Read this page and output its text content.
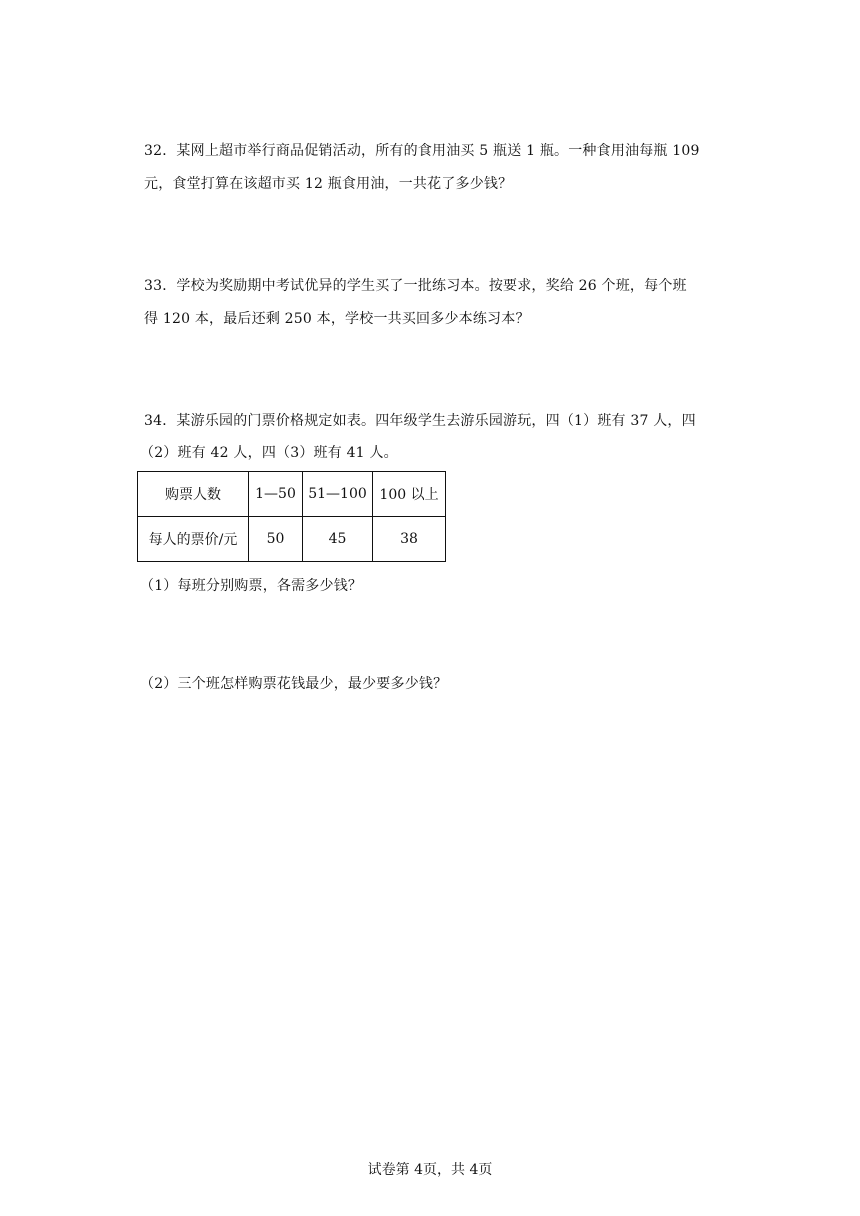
32．某网上超市举行商品促销活动，所有的食用油买 5 瓶送 1 瓶。一种食用油每瓶 109
元，食堂打算在该超市买 12 瓶食用油，一共花了多少钱？
33．学校为奖励期中考试优异的学生买了一批练习本。按要求，奖给 26 个班，每个班
得 120 本，最后还剩 250 本，学校一共买回多少本练习本？
34．某游乐园的门票价格规定如表。四年级学生去游乐园游玩，四（1）班有 37 人，四
（2）班有 42 人，四（3）班有 41 人。
购票人数	1—50	51—100	100 以上
每人的票价/元	50	45	38
（1）每班分别购票，各需多少钱？
（2）三个班怎样购票花钱最少，最少要多少钱？
试卷第 4页，共 4页
